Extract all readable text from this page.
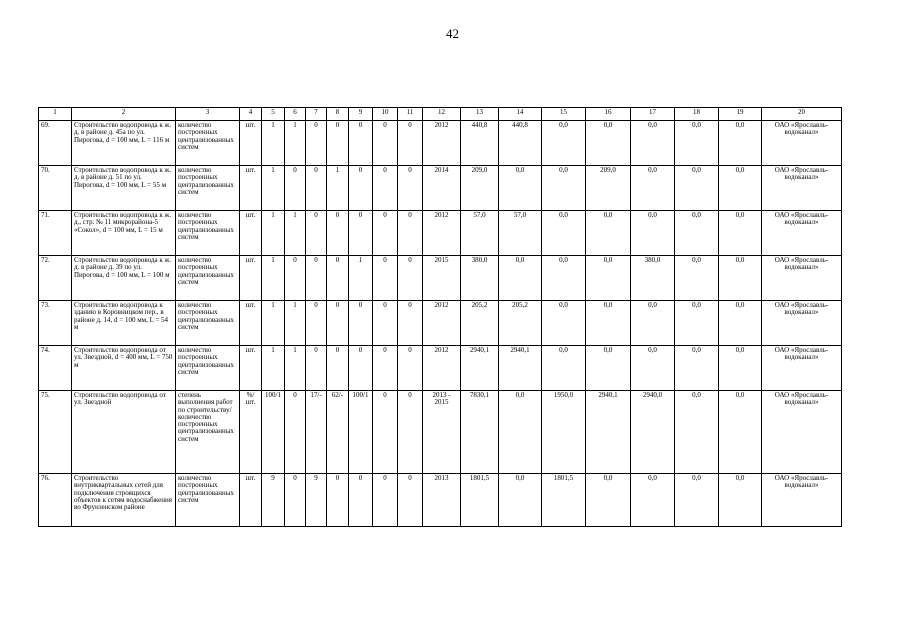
42
1	2	3	4	5	6	7	8	9	10	11	12	13	14	15	16	17	18	19	20
69.	Строительство водопровода к ж. д. в районе д. 45а по ул. Пирогова, d = 100 мм, L = 116 м	количество построенных централизованных систем	шт.	1	1	0	0	0	0	0	2012	440,8	440,8	0,0	0,0	0,0	0,0	0,0	ОАО «Ярославль-водоканал»
70.	Строительство водопровода к ж. д. в районе д. 51 по ул. Пирогова, d = 100 мм, L = 55 м	количество построенных централизованных систем	шт.	1	0	0	1	0	0	0	2014	209,0	0,0	0,0	209,0	0,0	0,0	0,0	ОАО «Ярославль-водоканал»
71.	Строительство водопровода к ж. д., стр. № 11 микрорайона-5 «Сокол», d = 100 мм, L = 15 м	количество построенных централизованных систем	шт.	1	1	0	0	0	0	0	2012	57,0	57,0	0,0	0,0	0,0	0,0	0,0	ОАО «Ярославль-водоканал»
72.	Строительство водопровода к ж. д. в районе д. 39 по ул. Пирогова, d = 100 мм, L = 100 м	количество построенных централизованных систем	шт.	1	0	0	0	1	0	0	2015	380,0	0,0	0,0	0,0	380,0	0,0	0,0	ОАО «Ярославль-водоканал»
73.	Строительство водопровода к зданию в Коровницком пер., в районе д. 14, d = 100 мм, L = 54 м	количество построенных централизованных систем	шт.	1	1	0	0	0	0	0	2012	205,2	205,2	0,0	0,0	0,0	0,0	0,0	ОАО «Ярославль-водоканал»
74.	Строительство водопровода от ул. Звездной, d = 400 мм, L = 750 м	количество построенных централизованных систем	шт.	1	1	0	0	0	0	0	2012	2940,1	2940,1	0,0	0,0	0,0	0,0	0,0	ОАО «Ярославль-водоканал»
75.	Строительство водопровода от ул. Звездной	степень выполнения работ по строительству/количество построенных централизованных систем	%/ шт.	100/1	0	17/-	62/-	100/1	0	0	2013 - 2015	7830,1	0,0	1950,0	2940,1	2940,0	0,0	0,0	ОАО «Ярославль-водоканал»
76.	Строительство внутриквартальных сетей для подключения строящихся объектов к сетям водоснабжения во Фрунзенском районе	количество построенных централизованных систем	шт.	9	0	9	0	0	0	0	2013	1801,5	0,0	1801,5	0,0	0,0	0,0	0,0	ОАО «Ярославль-водоканал»
